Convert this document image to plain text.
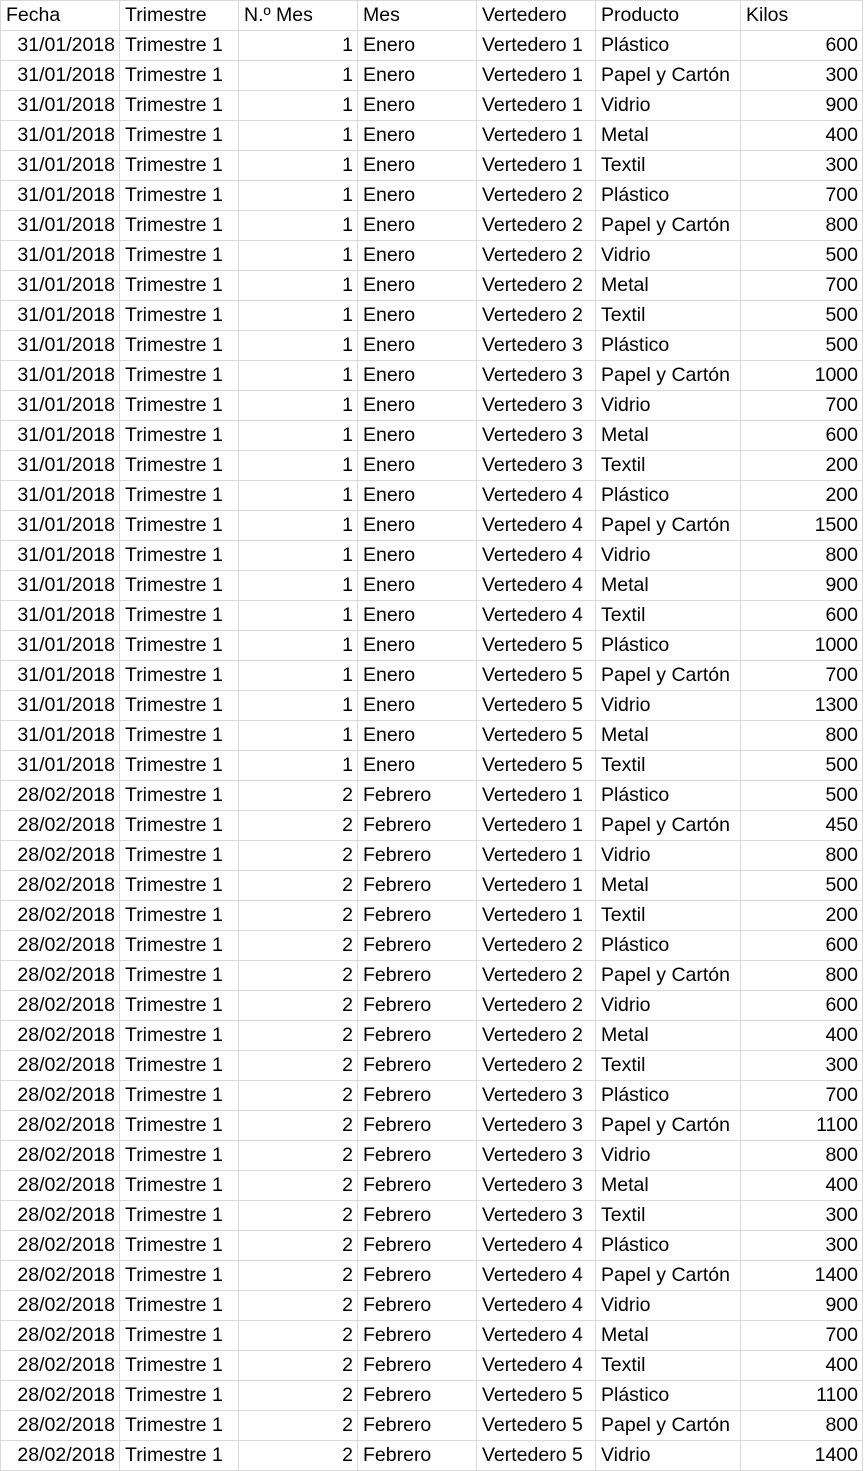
Fecha	Trimestre	N.º Mes	Mes	Vertedero	Producto	Kilos
31/01/2018	Trimestre 1	1	Enero	Vertedero 1	Plástico	600
31/01/2018	Trimestre 1	1	Enero	Vertedero 1	Papel y Cartón	300
31/01/2018	Trimestre 1	1	Enero	Vertedero 1	Vidrio	900
31/01/2018	Trimestre 1	1	Enero	Vertedero 1	Metal	400
31/01/2018	Trimestre 1	1	Enero	Vertedero 1	Textil	300
31/01/2018	Trimestre 1	1	Enero	Vertedero 2	Plástico	700
31/01/2018	Trimestre 1	1	Enero	Vertedero 2	Papel y Cartón	800
31/01/2018	Trimestre 1	1	Enero	Vertedero 2	Vidrio	500
31/01/2018	Trimestre 1	1	Enero	Vertedero 2	Metal	700
31/01/2018	Trimestre 1	1	Enero	Vertedero 2	Textil	500
31/01/2018	Trimestre 1	1	Enero	Vertedero 3	Plástico	500
31/01/2018	Trimestre 1	1	Enero	Vertedero 3	Papel y Cartón	1000
31/01/2018	Trimestre 1	1	Enero	Vertedero 3	Vidrio	700
31/01/2018	Trimestre 1	1	Enero	Vertedero 3	Metal	600
31/01/2018	Trimestre 1	1	Enero	Vertedero 3	Textil	200
31/01/2018	Trimestre 1	1	Enero	Vertedero 4	Plástico	200
31/01/2018	Trimestre 1	1	Enero	Vertedero 4	Papel y Cartón	1500
31/01/2018	Trimestre 1	1	Enero	Vertedero 4	Vidrio	800
31/01/2018	Trimestre 1	1	Enero	Vertedero 4	Metal	900
31/01/2018	Trimestre 1	1	Enero	Vertedero 4	Textil	600
31/01/2018	Trimestre 1	1	Enero	Vertedero 5	Plástico	1000
31/01/2018	Trimestre 1	1	Enero	Vertedero 5	Papel y Cartón	700
31/01/2018	Trimestre 1	1	Enero	Vertedero 5	Vidrio	1300
31/01/2018	Trimestre 1	1	Enero	Vertedero 5	Metal	800
31/01/2018	Trimestre 1	1	Enero	Vertedero 5	Textil	500
28/02/2018	Trimestre 1	2	Febrero	Vertedero 1	Plástico	500
28/02/2018	Trimestre 1	2	Febrero	Vertedero 1	Papel y Cartón	450
28/02/2018	Trimestre 1	2	Febrero	Vertedero 1	Vidrio	800
28/02/2018	Trimestre 1	2	Febrero	Vertedero 1	Metal	500
28/02/2018	Trimestre 1	2	Febrero	Vertedero 1	Textil	200
28/02/2018	Trimestre 1	2	Febrero	Vertedero 2	Plástico	600
28/02/2018	Trimestre 1	2	Febrero	Vertedero 2	Papel y Cartón	800
28/02/2018	Trimestre 1	2	Febrero	Vertedero 2	Vidrio	600
28/02/2018	Trimestre 1	2	Febrero	Vertedero 2	Metal	400
28/02/2018	Trimestre 1	2	Febrero	Vertedero 2	Textil	300
28/02/2018	Trimestre 1	2	Febrero	Vertedero 3	Plástico	700
28/02/2018	Trimestre 1	2	Febrero	Vertedero 3	Papel y Cartón	1100
28/02/2018	Trimestre 1	2	Febrero	Vertedero 3	Vidrio	800
28/02/2018	Trimestre 1	2	Febrero	Vertedero 3	Metal	400
28/02/2018	Trimestre 1	2	Febrero	Vertedero 3	Textil	300
28/02/2018	Trimestre 1	2	Febrero	Vertedero 4	Plástico	300
28/02/2018	Trimestre 1	2	Febrero	Vertedero 4	Papel y Cartón	1400
28/02/2018	Trimestre 1	2	Febrero	Vertedero 4	Vidrio	900
28/02/2018	Trimestre 1	2	Febrero	Vertedero 4	Metal	700
28/02/2018	Trimestre 1	2	Febrero	Vertedero 4	Textil	400
28/02/2018	Trimestre 1	2	Febrero	Vertedero 5	Plástico	1100
28/02/2018	Trimestre 1	2	Febrero	Vertedero 5	Papel y Cartón	800
28/02/2018	Trimestre 1	2	Febrero	Vertedero 5	Vidrio	1400
